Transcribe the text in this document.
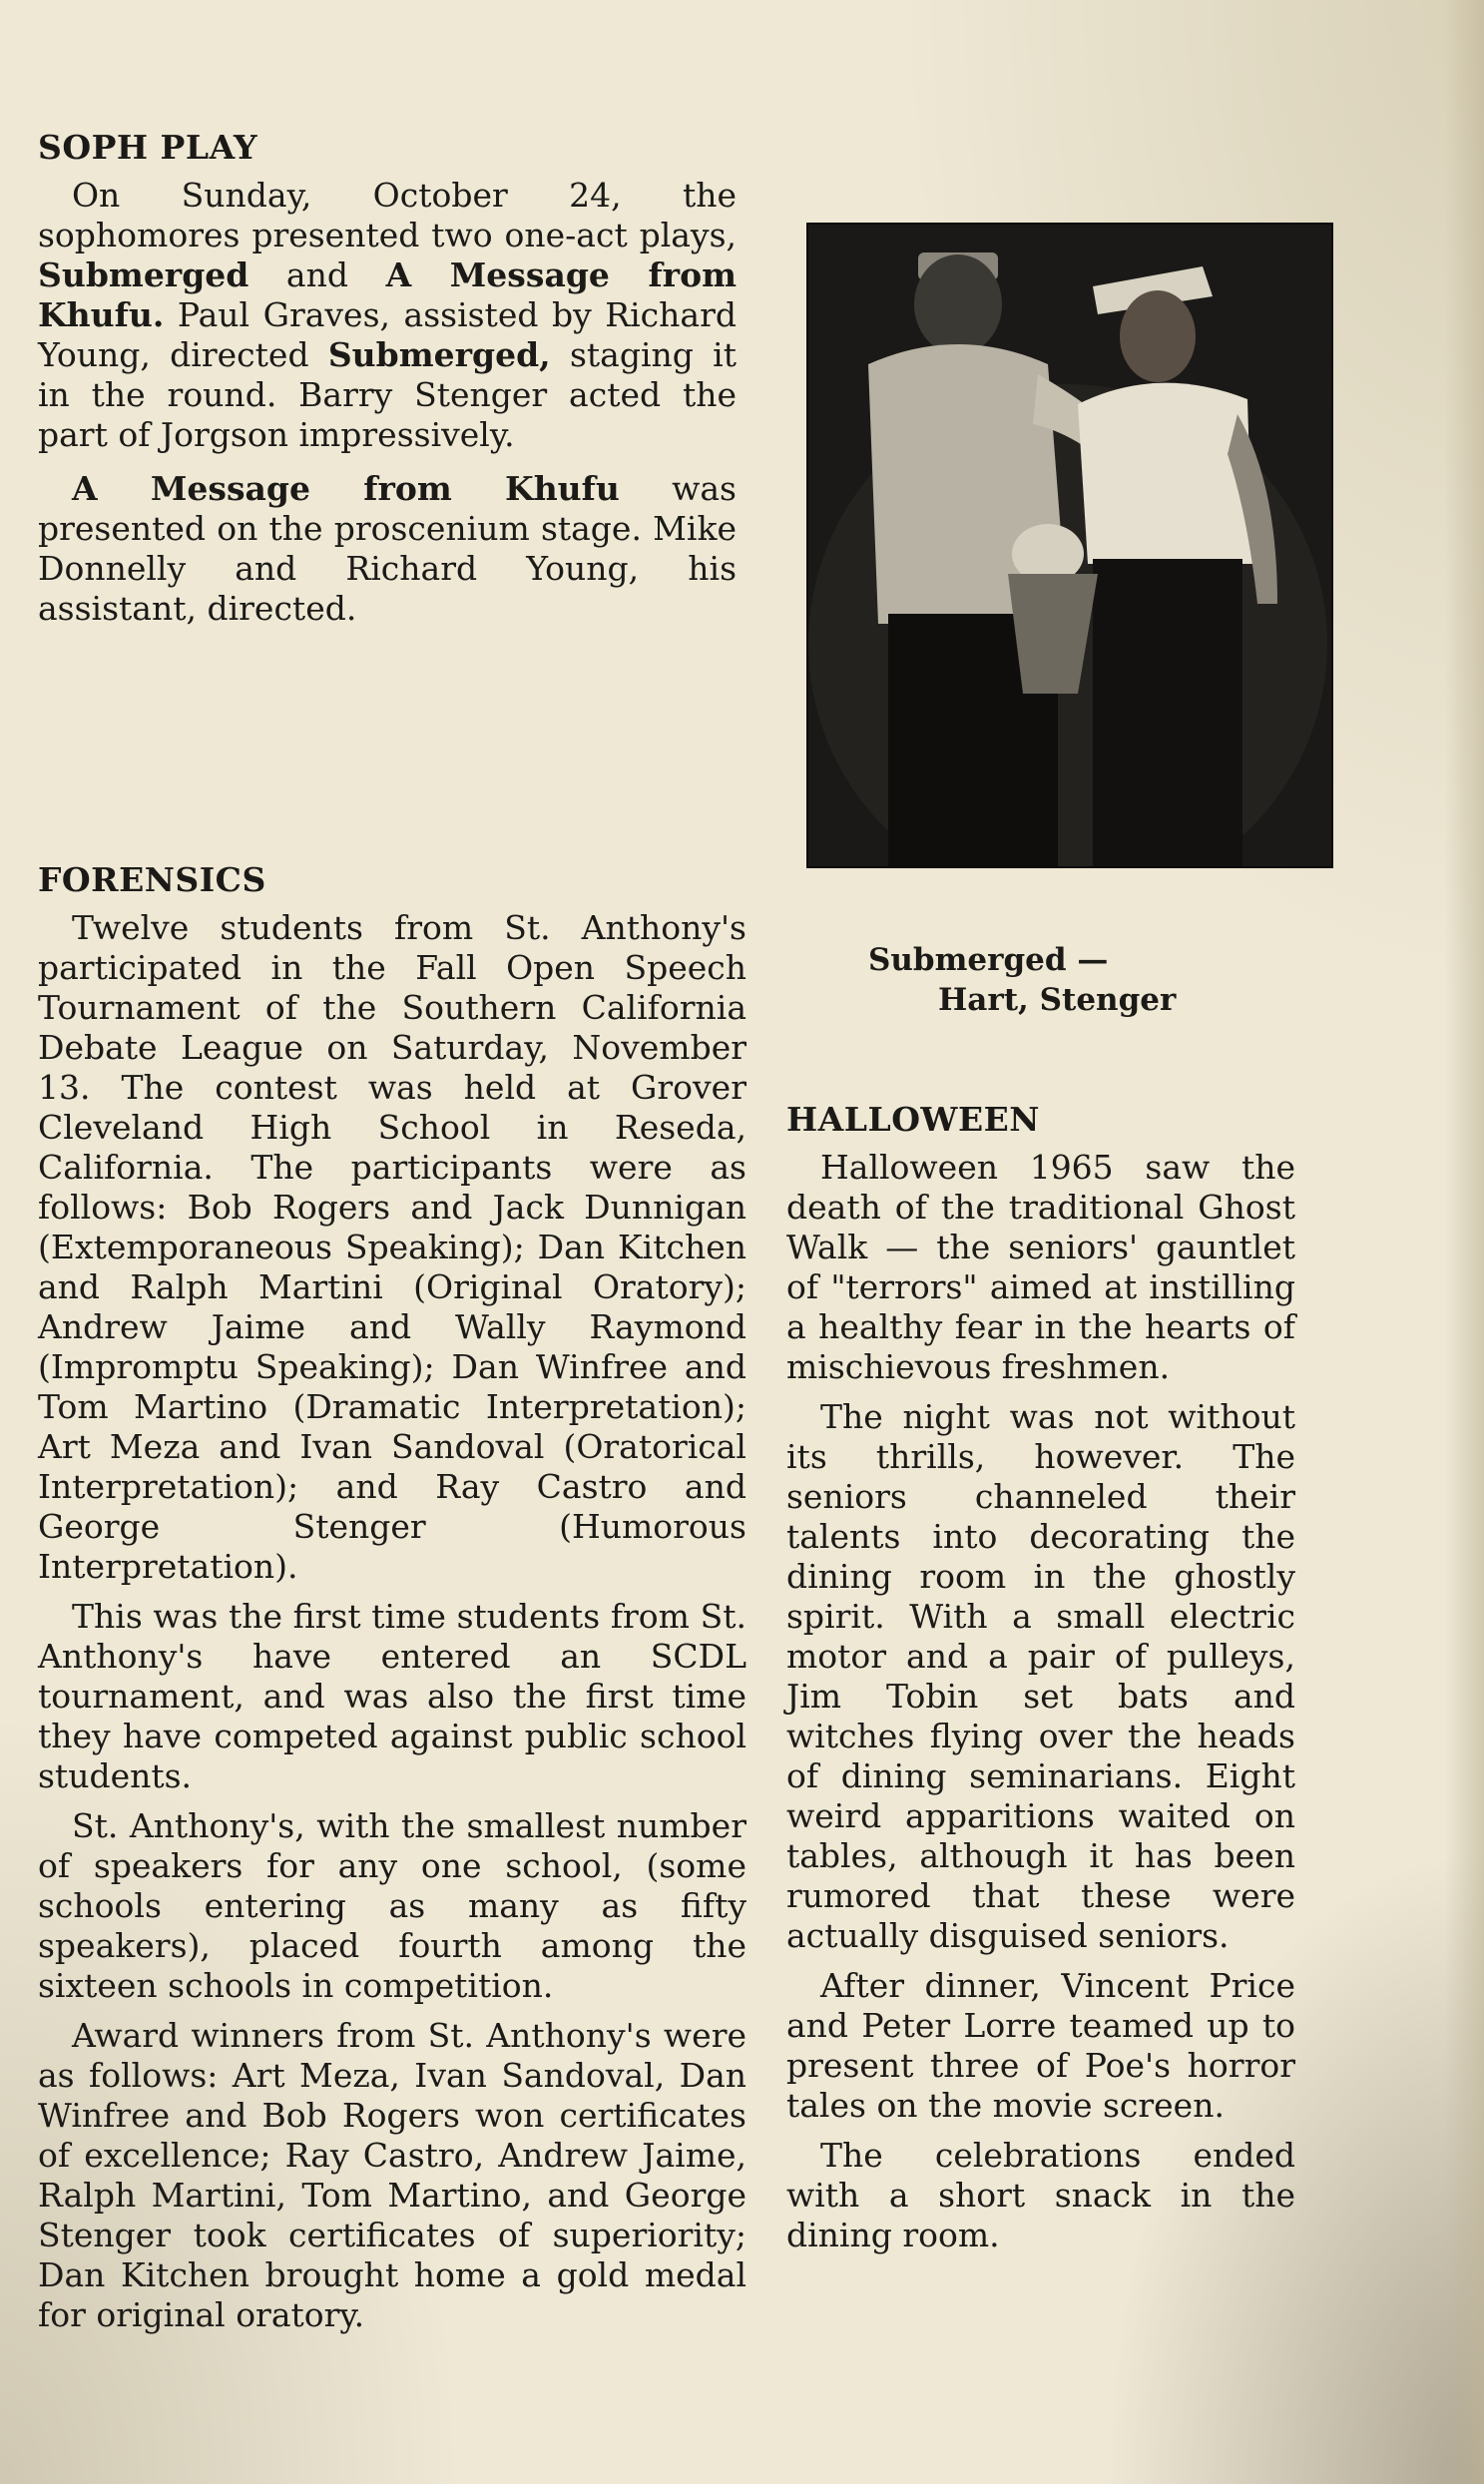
SOPH PLAY

On Sunday, October 24, the sophomores presented two one-act plays, Submerged and A Message from Khufu. Paul Graves, assisted by Richard Young, directed Submerged, staging it in the round. Barry Stenger acted the part of Jorgson impressively.

A Message from Khufu was presented on the proscenium stage. Mike Donnelly and Richard Young, his assistant, directed.

Submerged —
Hart, Stenger
FORENSICS

Twelve students from St. Anthony's participated in the Fall Open Speech Tournament of the Southern California Debate League on Saturday, November 13. The contest was held at Grover Cleveland High School in Reseda, California. The participants were as follows: Bob Rogers and Jack Dunnigan (Extemporaneous Speaking); Dan Kitchen and Ralph Martini (Original Oratory); Andrew Jaime and Wally Raymond (Impromptu Speaking); Dan Winfree and Tom Martino (Dramatic Interpretation); Art Meza and Ivan Sandoval (Oratorical Interpretation); and Ray Castro and George Stenger (Humorous Interpretation).

This was the first time students from St. Anthony's have entered an SCDL tournament, and was also the first time they have competed against public school students.

St. Anthony's, with the smallest number of speakers for any one school, (some schools entering as many as fifty speakers), placed fourth among the sixteen schools in competition.

Award winners from St. Anthony's were as follows: Art Meza, Ivan Sandoval, Dan Winfree and Bob Rogers won certificates of excellence; Ray Castro, Andrew Jaime, Ralph Martini, Tom Martino, and George Stenger took certificates of superiority; Dan Kitchen brought home a gold medal for original oratory.

HALLOWEEN

Halloween 1965 saw the death of the traditional Ghost Walk — the seniors' gauntlet of "terrors" aimed at instilling a healthy fear in the hearts of mischievous freshmen.

The night was not without its thrills, however. The seniors channeled their talents into decorating the dining room in the ghostly spirit. With a small electric motor and a pair of pulleys, Jim Tobin set bats and witches flying over the heads of dining seminarians. Eight weird apparitions waited on tables, although it has been rumored that these were actually disguised seniors.

After dinner, Vincent Price and Peter Lorre teamed up to present three of Poe's horror tales on the movie screen.

The celebrations ended with a short snack in the dining room.
